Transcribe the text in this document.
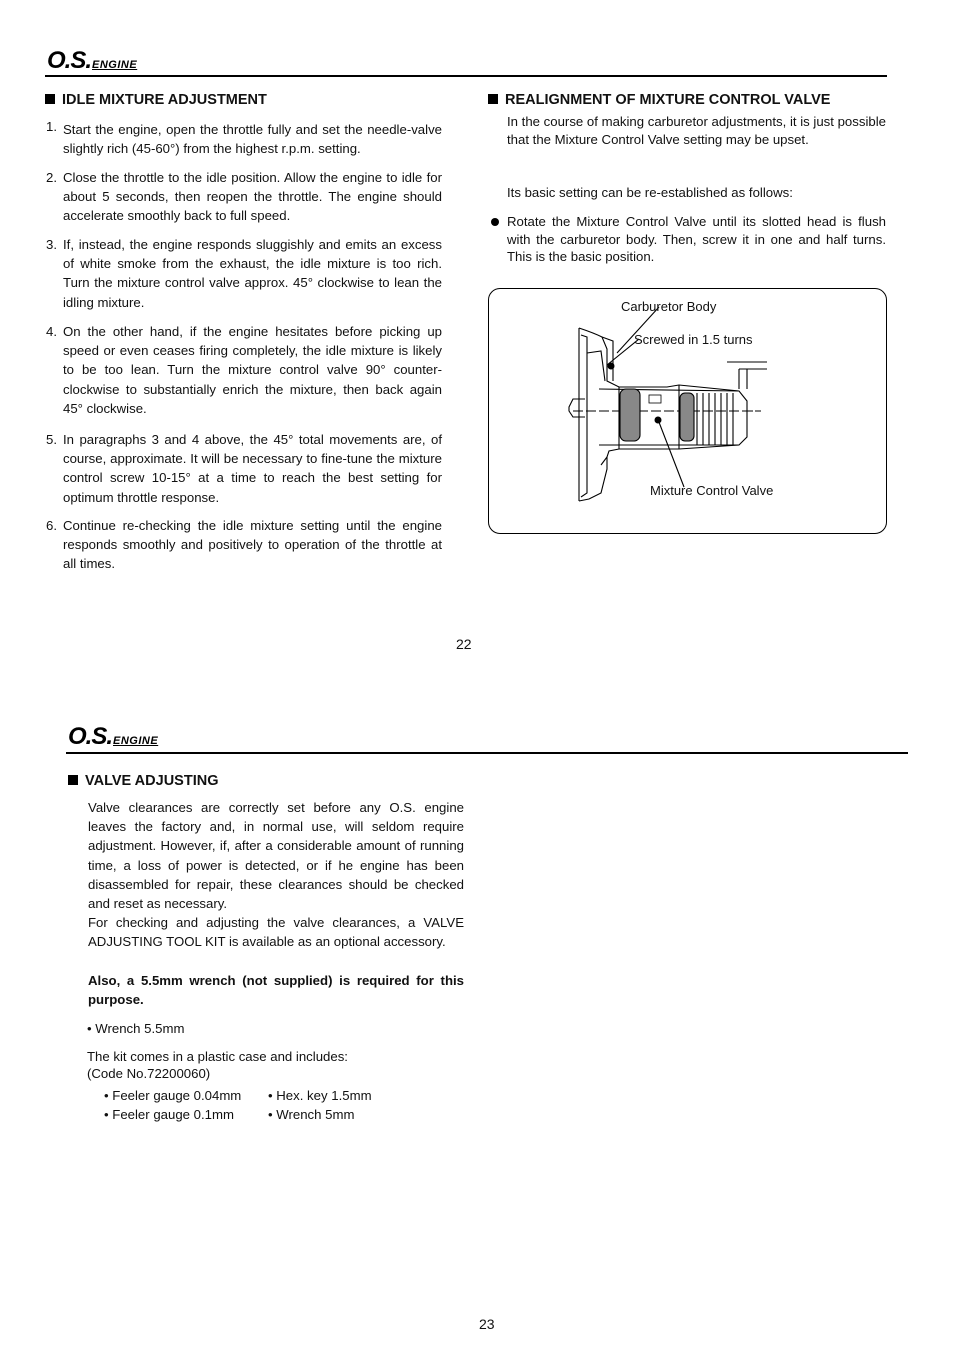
O.S.ENGINE
IDLE MIXTURE ADJUSTMENT
1. Start the engine, open the throttle fully and set the needle-valve slightly rich (45-60°) from the highest r.p.m. setting.
2. Close the throttle to the idle position. Allow the engine to idle for about 5 seconds, then reopen the throttle. The engine should accelerate smoothly back to full speed.
3. If, instead, the engine responds sluggishly and emits an excess of white smoke from the exhaust, the idle mixture is too rich. Turn the mixture control valve approx. 45° clockwise to lean the idling mixture.
4. On the other hand, if the engine hesitates before picking up speed or even ceases firing completely, the idle mixture is likely to be too lean. Turn the mixture control valve 90° counter-clockwise to substantially enrich the mixture, then back again 45° clockwise.
5. In paragraphs 3 and 4 above, the 45° total movements are, of course, approximate. It will be necessary to fine-tune the mixture control screw 10-15° at a time to reach the best setting for optimum throttle response.
6. Continue re-checking the idle mixture setting until the engine responds smoothly and positively to operation of the throttle at all times.
REALIGNMENT OF MIXTURE CONTROL VALVE
In the course of making carburetor adjustments, it is just possible that the Mixture Control Valve setting may be upset.
Its basic setting can be re-established as follows:
Rotate the Mixture Control Valve until its slotted head is flush with the carburetor body. Then, screw it in one and half turns. This is the basic position.
Carburetor Body
Screwed in 1.5 turns
Mixture Control Valve
22
O.S.ENGINE
VALVE ADJUSTING
Valve clearances are correctly set before any O.S. engine leaves the factory and, in normal use, will seldom require adjustment. However, if, after a considerable amount of running time, a loss of power is detected, or if he engine has been disassembled for repair, these clearances should be checked and reset as necessary.
For checking and adjusting the valve clearances, a VALVE ADJUSTING TOOL KIT is available as an optional accessory.
Also, a 5.5mm wrench (not supplied) is required for this purpose.
• Wrench 5.5mm
The kit comes in a plastic case and includes:
(Code No.72200060)
• Feeler gauge 0.04mm • Hex. key 1.5mm
• Feeler gauge 0.1mm	• Wrench 5mm
23
